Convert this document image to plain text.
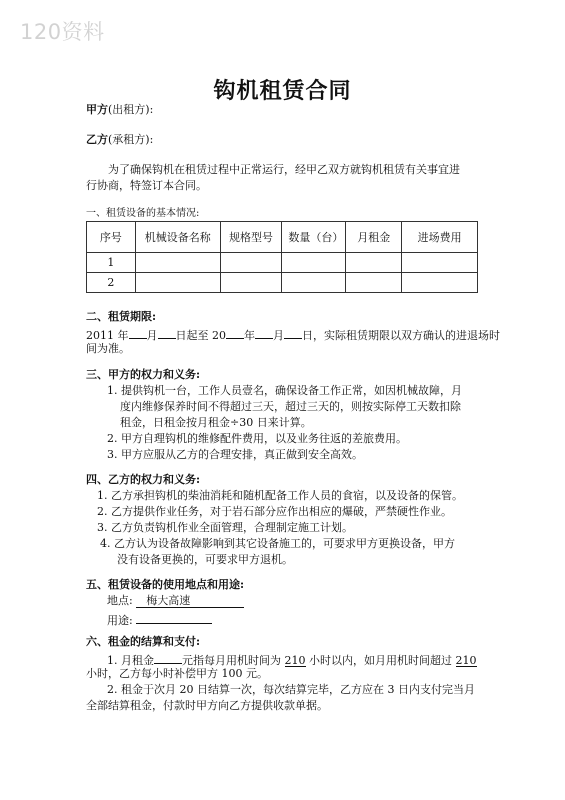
120资料
钩机租赁合同
甲方(出租方):
乙方(承租方):
为了确保钩机在租赁过程中正常运行，经甲乙双方就钩机租赁有关事宜进
行协商，特签订本合同。
一、租赁设备的基本情况:
序号	机械设备名称	规格型号	数量（台）	月租金	进场费用
1					
2					
二、租赁期限:
2011 年 月 日起至 20 年 月 日，实际租赁期限以双方确认的进退场时
间为准。
三、甲方的权力和义务:
1. 提供钩机一台，工作人员壹名，确保设备工作正常，如因机械故障，月
度内维修保养时间不得超过三天，超过三天的，则按实际停工天数扣除
租金，日租金按月租金÷30 日来计算。
2. 甲方自理钩机的维修配件费用，以及业务往返的差旅费用。
3. 甲方应服从乙方的合理安排，真正做到安全高效。
四、乙方的权力和义务:
1. 乙方承担钩机的柴油消耗和随机配备工作人员的食宿，以及设备的保管。
2. 乙方提供作业任务，对于岩石部分应作出相应的爆破，严禁硬性作业。
3. 乙方负责钩机作业全面管理，合理制定施工计划。
4. 乙方认为设备故障影响到其它设备施工的，可要求甲方更换设备，甲方
没有设备更换的，可要求甲方退机。
五、租赁设备的使用地点和用途:
地点: 梅大高速
用途:
六、租金的结算和支付:
1. 月租金	元指每月用机时间为 210 小时以内，如月用机时间超过 210
小时，乙方每小时补偿甲方 100 元。
2. 租金于次月 20 日结算一次，每次结算完毕，乙方应在 3 日内支付完当月
全部结算租金，付款时甲方向乙方提供收款单据。
